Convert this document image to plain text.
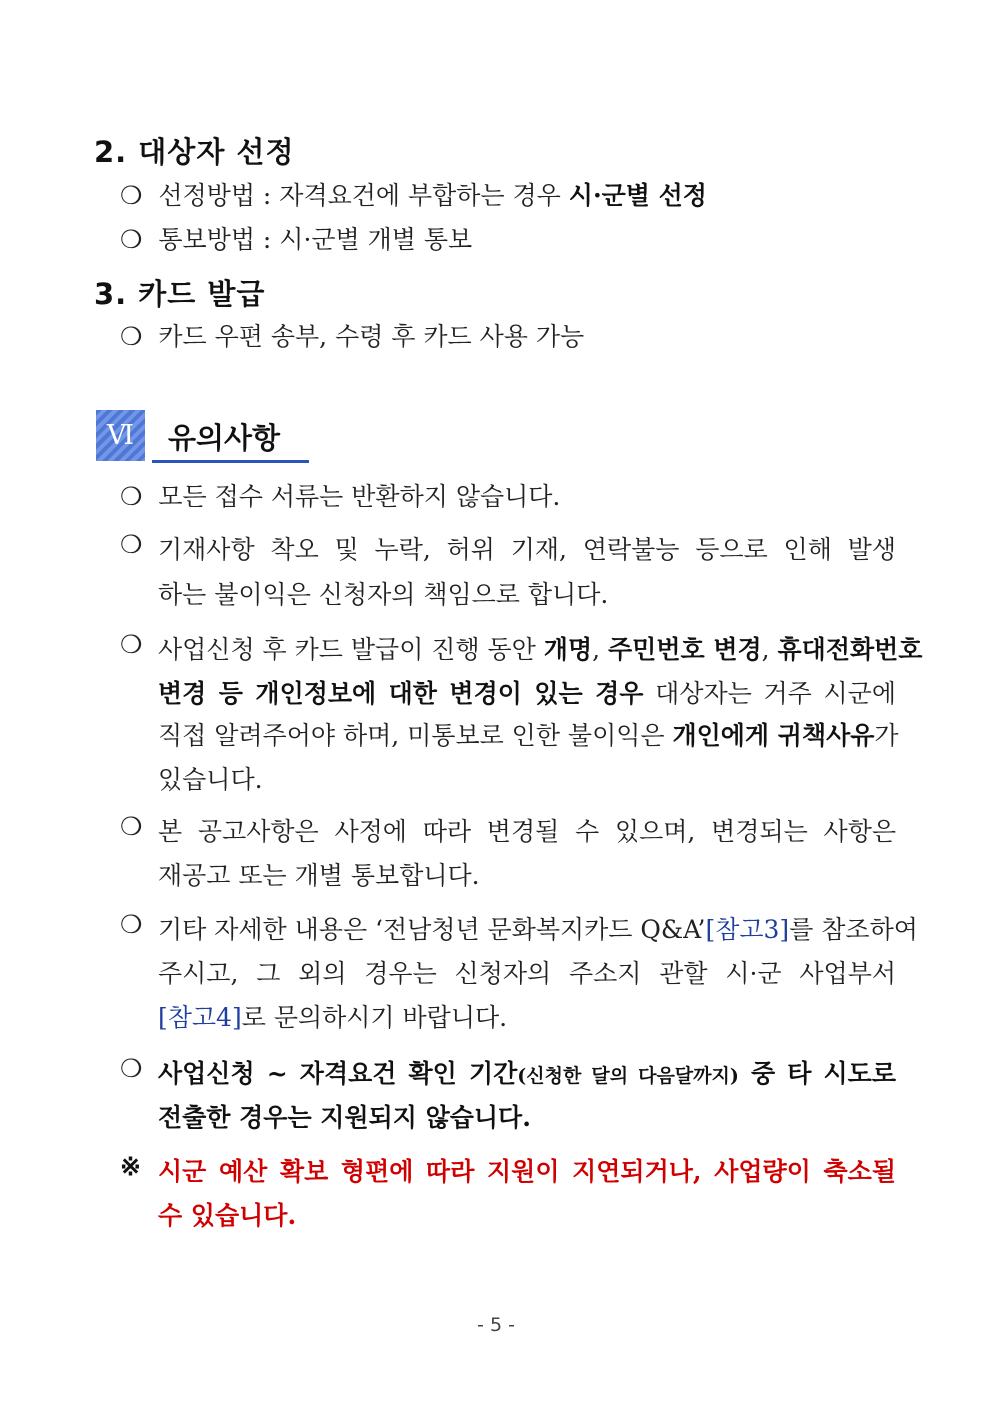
2. 대상자 선정
❍ 선정방법 : 자격요건에 부합하는 경우 시·군별 선정
❍ 통보방법 : 시·군별 개별 통보
3. 카드 발급
❍ 카드 우편 송부, 수령 후 카드 사용 가능
Ⅵ	유의사항
❍ 모든 접수 서류는 반환하지 않습니다.
❍ 기재사항 착오 및 누락, 허위 기재, 연락불능 등으로 인해 발생
하는 불이익은 신청자의 책임으로 합니다.
❍ 사업신청 후 카드 발급이 진행 동안 개명, 주민번호 변경, 휴대전화번호
변경 등 개인정보에 대한 변경이 있는 경우 대상자는 거주 시군에
직접 알려주어야 하며, 미통보로 인한 불이익은 개인에게 귀책사유가
있습니다.
❍ 본 공고사항은 사정에 따라 변경될 수 있으며, 변경되는 사항은
재공고 또는 개별 통보합니다.
❍ 기타 자세한 내용은 ‘전남청년 문화복지카드 Q&A’[참고3]를 참조하여
주시고, 그 외의 경우는 신청자의 주소지 관할 시·군 사업부서
[참고4]로 문의하시기 바랍니다.
❍ 사업신청 ~ 자격요건 확인 기간(신청한 달의 다음달까지) 중 타 시도로
전출한 경우는 지원되지 않습니다.
※ 시군 예산 확보 형편에 따라 지원이 지연되거나, 사업량이 축소될
수 있습니다.
- 5 -
